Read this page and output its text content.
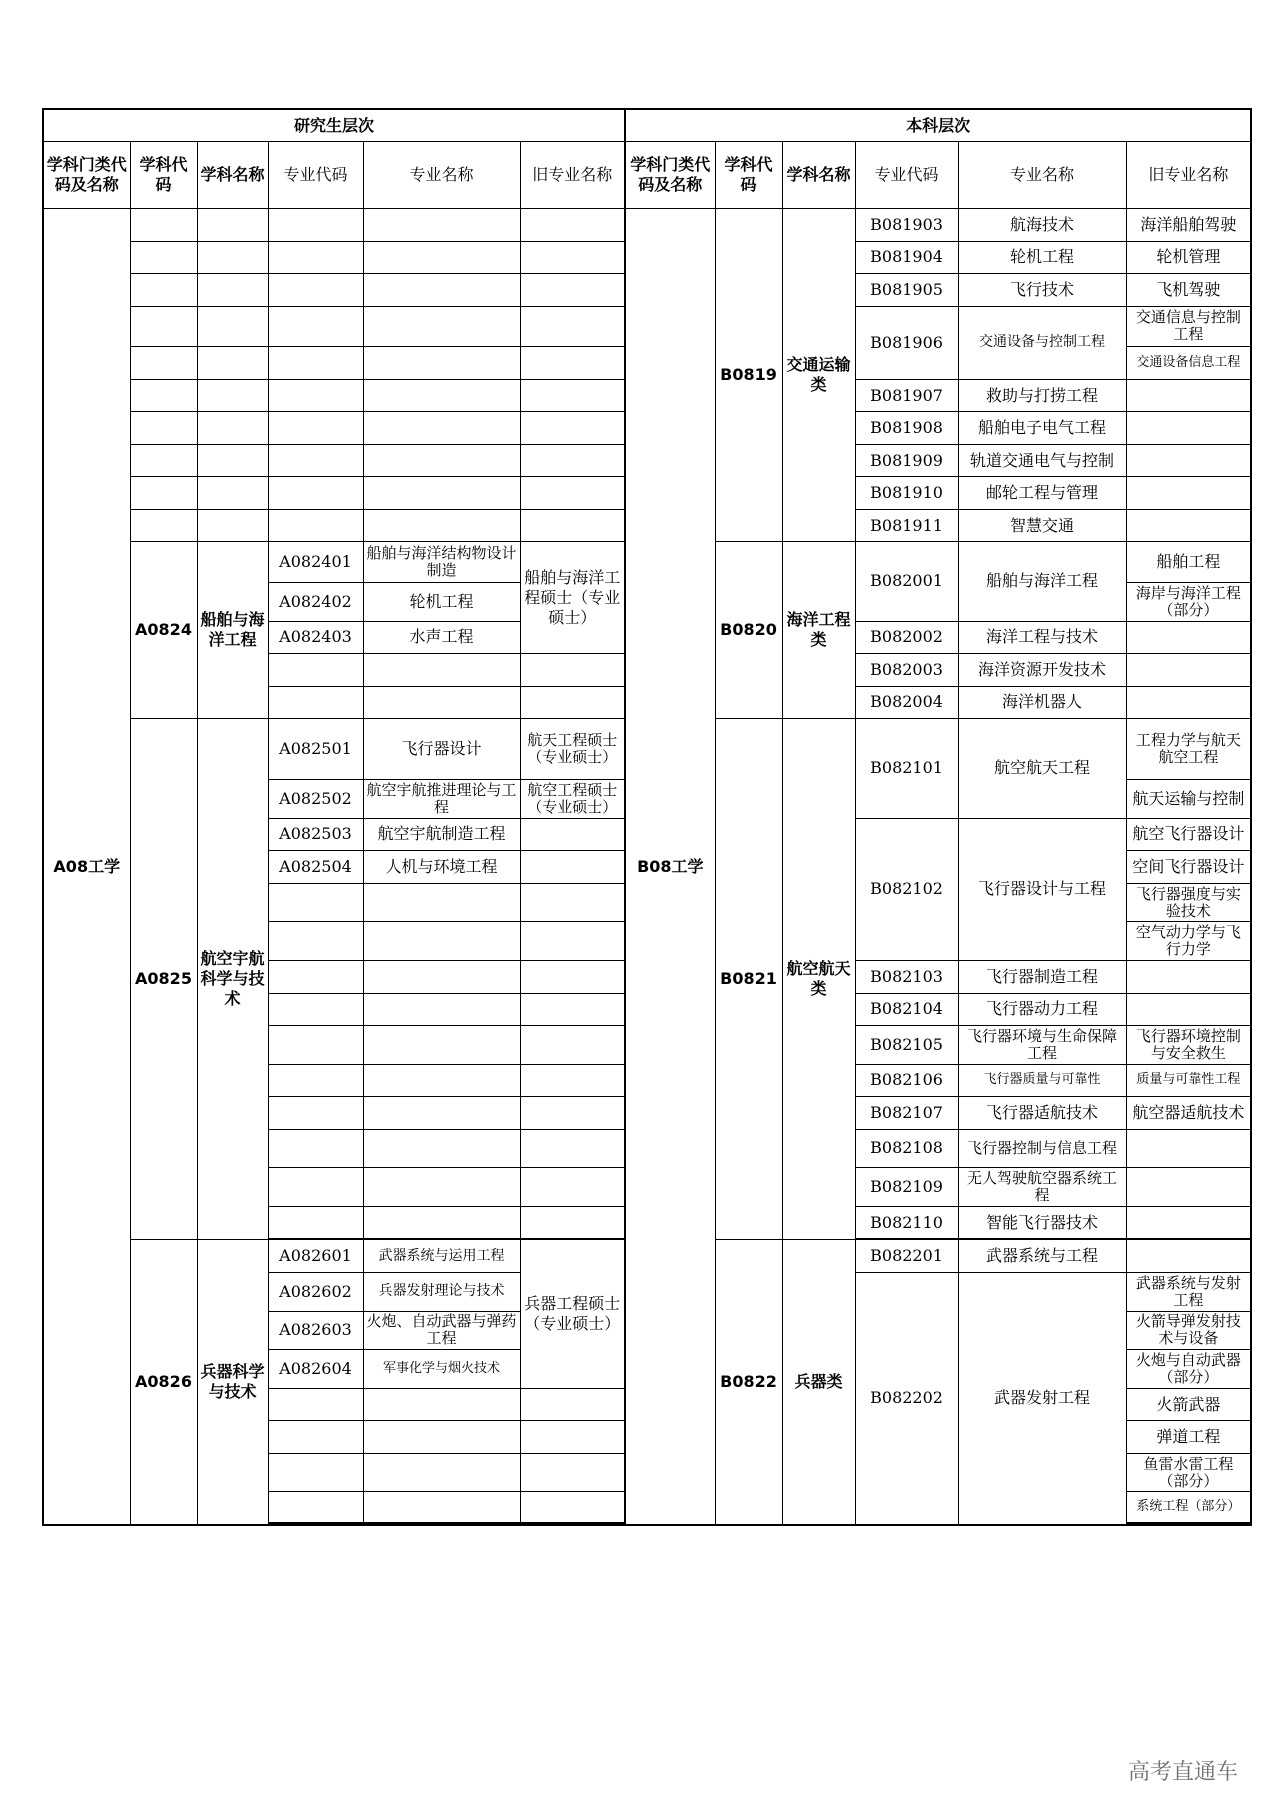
研究生层次						本科层次					
学科门类代码及名称	学科代码	学科名称	专业代码	专业名称	旧专业名称	学科门类代码及名称	学科代码	学科名称	专业代码	专业名称	旧专业名称
A08工学						B08工学	B0819	交通运输类	B081903	航海技术	海洋船舶驾驶
									B081904	轮机工程	轮机管理
									B081905	飞行技术	飞机驾驶
									B081906	交通设备与控制工程	交通信息与控制工程
											交通设备信息工程
									B081907	救助与打捞工程	
									B081908	船舶电子电气工程	
									B081909	轨道交通电气与控制	
									B081910	邮轮工程与管理	
									B081911	智慧交通	
	A0824	船舶与海洋工程	A082401	船舶与海洋结构物设计制造	船舶与海洋工程硕士（专业硕士）		B0820	海洋工程类	B082001	船舶与海洋工程	船舶工程
			A082402	轮机工程							海岸与海洋工程（部分）
			A082403	水声工程					B082002	海洋工程与技术	
									B082003	海洋资源开发技术	
									B082004	海洋机器人	
	A0825	航空宇航科学与技术	A082501	飞行器设计	航天工程硕士（专业硕士）		B0821	航空航天类	B082101	航空航天工程	工程力学与航天航空工程
			A082502	航空宇航推进理论与工程	航空工程硕士（专业硕士）						航天运输与控制
			A082503	航空宇航制造工程					B082102	飞行器设计与工程	航空飞行器设计
			A082504	人机与环境工程							空间飞行器设计
											飞行器强度与实验技术
											空气动力学与飞行力学
									B082103	飞行器制造工程	
									B082104	飞行器动力工程	
									B082105	飞行器环境与生命保障工程	飞行器环境控制与安全救生
									B082106	飞行器质量与可靠性	质量与可靠性工程
									B082107	飞行器适航技术	航空器适航技术
									B082108	飞行器控制与信息工程	
									B082109	无人驾驶航空器系统工程	
									B082110	智能飞行器技术	

	A0826	兵器科学与技术	A082601	武器系统与运用工程	兵器工程硕士（专业硕士）		B0822	兵器类	B082201	武器系统与工程	
			A082602	兵器发射理论与技术					B082202	武器发射工程	武器系统与发射工程
			A082603	火炮、自动武器与弹药工程							火箭导弹发射技术与设备
			A082604	军事化学与烟火技术							火炮与自动武器（部分）
											火箭武器
											弹道工程
											鱼雷水雷工程（部分）
											系统工程（部分）

高考直通车
